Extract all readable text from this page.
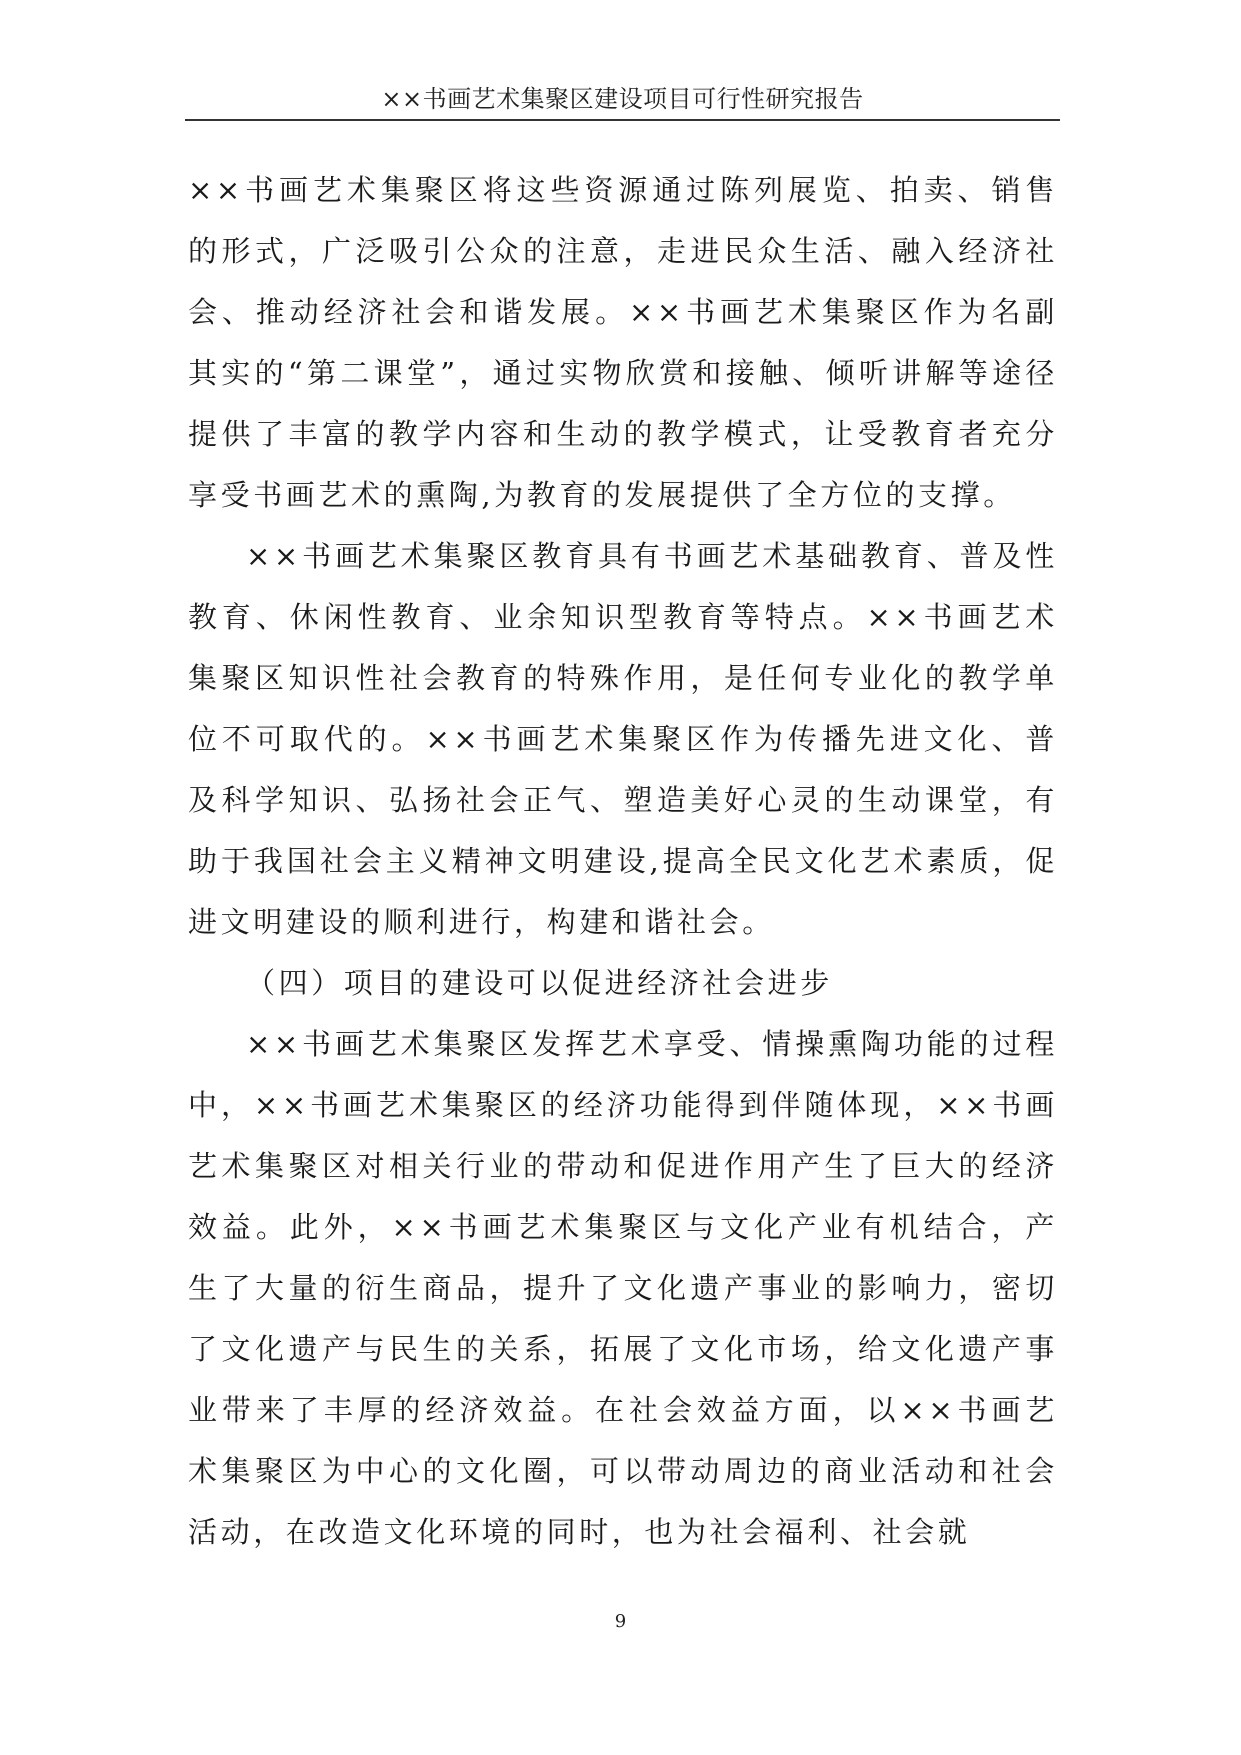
××书画艺术集聚区建设项目可行性研究报告

××书画艺术集聚区将这些资源通过陈列展览、拍卖、销售的形式，广泛吸引公众的注意，走进民众生活、融入经济社会、推动经济社会和谐发展。××书画艺术集聚区作为名副其实的“第二课堂”，通过实物欣赏和接触、倾听讲解等途径提供了丰富的教学内容和生动的教学模式，让受教育者充分享受书画艺术的熏陶,为教育的发展提供了全方位的支撑。

××书画艺术集聚区教育具有书画艺术基础教育、普及性教育、休闲性教育、业余知识型教育等特点。××书画艺术集聚区知识性社会教育的特殊作用，是任何专业化的教学单位不可取代的。××书画艺术集聚区作为传播先进文化、普及科学知识、弘扬社会正气、塑造美好心灵的生动课堂，有助于我国社会主义精神文明建设,提高全民文化艺术素质，促进文明建设的顺利进行，构建和谐社会。

（四）项目的建设可以促进经济社会进步

××书画艺术集聚区发挥艺术享受、情操熏陶功能的过程中，××书画艺术集聚区的经济功能得到伴随体现，××书画艺术集聚区对相关行业的带动和促进作用产生了巨大的经济效益。此外，××书画艺术集聚区与文化产业有机结合，产生了大量的衍生商品，提升了文化遗产事业的影响力，密切了文化遗产与民生的关系，拓展了文化市场，给文化遗产事业带来了丰厚的经济效益。在社会效益方面，以××书画艺术集聚区为中心的文化圈，可以带动周边的商业活动和社会活动，在改造文化环境的同时，也为社会福利、社会就

9
